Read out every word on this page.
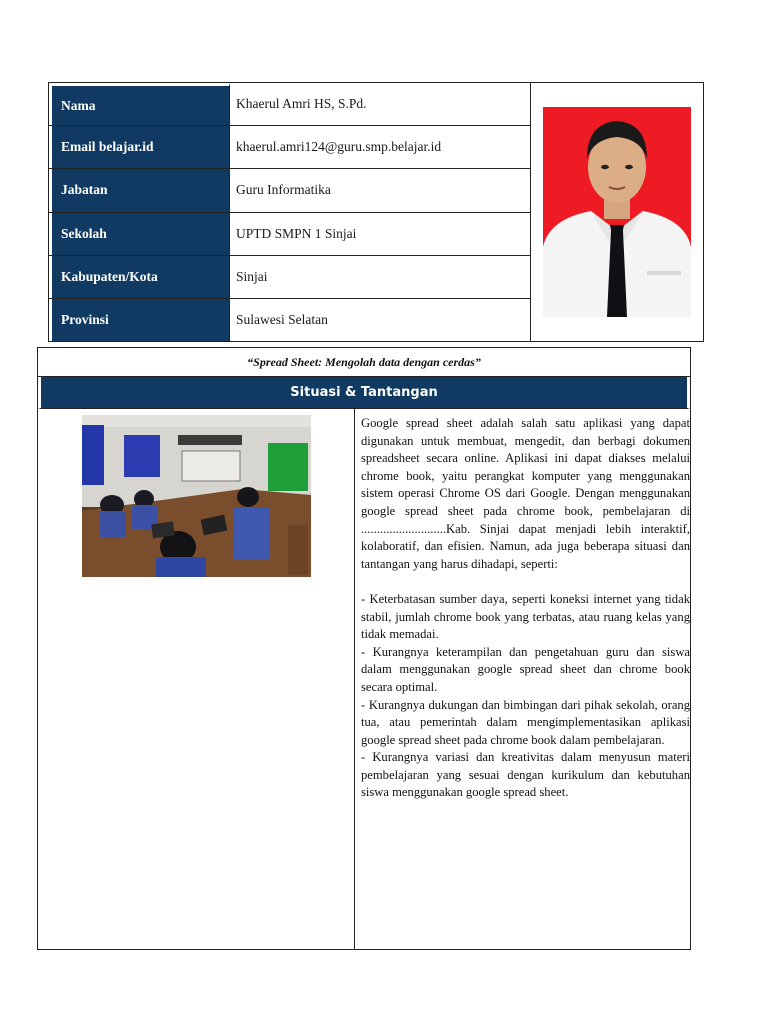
Nama	Khaerul Amri HS, S.Pd.
Email belajar.id	khaerul.amri124@guru.smp.belajar.id
Jabatan	Guru Informatika
Sekolah	UPTD SMPN 1 Sinjai
Kabupaten/Kota	Sinjai
Provinsi	Sulawesi Selatan
“Spread Sheet: Mengolah data dengan cerdas”
Situasi & Tantangan

Google spread sheet adalah salah satu aplikasi yang dapat digunakan untuk membuat, mengedit, dan berbagi dokumen spreadsheet secara online. Aplikasi ini dapat diakses melalui chrome book, yaitu perangkat komputer yang menggunakan sistem operasi Chrome OS dari Google. Dengan menggunakan google spread sheet pada chrome book, pembelajaran di ...........................Kab. Sinjai dapat menjadi lebih interaktif, kolaboratif, dan efisien. Namun, ada juga beberapa situasi dan tantangan yang harus dihadapi, seperti:

- Keterbatasan sumber daya, seperti koneksi internet yang tidak stabil, jumlah chrome book yang terbatas, atau ruang kelas yang tidak memadai.
- Kurangnya keterampilan dan pengetahuan guru dan siswa dalam menggunakan google spread sheet dan chrome book secara optimal.
- Kurangnya dukungan dan bimbingan dari pihak sekolah, orang tua, atau pemerintah dalam mengimplementasikan aplikasi google spread sheet pada chrome book dalam pembelajaran.
- Kurangnya variasi dan kreativitas dalam menyusun materi pembelajaran yang sesuai dengan kurikulum dan kebutuhan siswa menggunakan google spread sheet.
